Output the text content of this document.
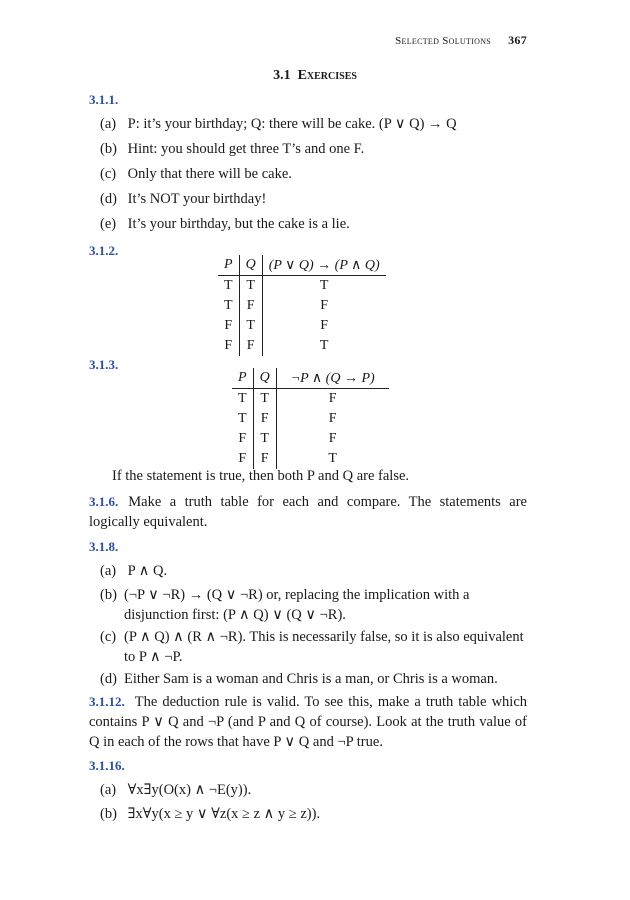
Selected Solutions 367
3.1 Exercises
3.1.1.
(a) P: it’s your birthday; Q: there will be cake. (P ∨ Q) → Q
(b) Hint: you should get three T’s and one F.
(c) Only that there will be cake.
(d) It’s NOT your birthday!
(e) It’s your birthday, but the cake is a lie.
3.1.2.
P	Q	(P ∨ Q) → (P ∧ Q)
T	T	T
T	F	F
F	T	F
F	F	T
3.1.3.
P	Q	¬P ∧ (Q → P)
T	T	F
T	F	F
F	T	F
F	F	T
If the statement is true, then both P and Q are false.
3.1.6. Make a truth table for each and compare. The statements are logically equivalent.
3.1.8.
(a) P ∧ Q.
(b) (¬P ∨ ¬R) → (Q ∨ ¬R) or, replacing the implication with a disjunction first: (P ∧ Q) ∨ (Q ∨ ¬R).
(c) (P ∧ Q) ∧ (R ∧ ¬R). This is necessarily false, so it is also equivalent to P ∧ ¬P.
(d) Either Sam is a woman and Chris is a man, or Chris is a woman.
3.1.12. The deduction rule is valid. To see this, make a truth table which contains P ∨ Q and ¬P (and P and Q of course). Look at the truth value of Q in each of the rows that have P ∨ Q and ¬P true.
3.1.16.
(a) ∀x∃y(O(x) ∧ ¬E(y)).
(b) ∃x∀y(x ≥ y ∨ ∀z(x ≥ z ∧ y ≥ z)).
